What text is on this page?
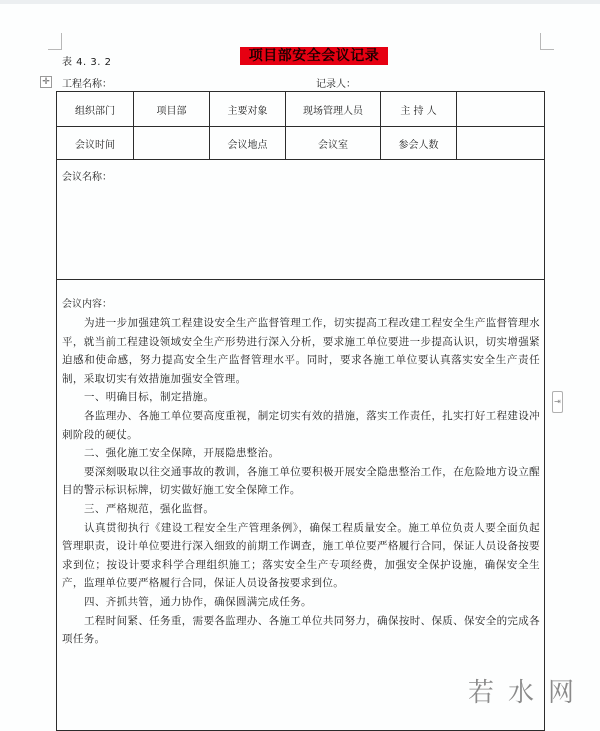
表 4. 3. 2	项目部安全会议记录
✛ 工程名称：	记录人：
组织部门	项目部	主要对象	现场管理人员	主 持 人
会议时间	会议地点	会议室	参会人数
会议名称：
会议内容：
为进一步加强建筑工程建设安全生产监督管理工作，切实提高工程改建工程安全生产监督管理水平，就当前工程建设领域安全生产形势进行深入分析，要求施工单位要进一步提高认识，切实增强紧迫感和使命感，努力提高安全生产监督管理水平。同时，要求各施工单位要认真落实安全生产责任制，采取切实有效措施加强安全管理。
一、明确目标，制定措施。
各监理办、各施工单位要高度重视，制定切实有效的措施，落实工作责任，扎实打好工程建设冲刺阶段的硬仗。
二、强化施工安全保障，开展隐患整治。
要深刻吸取以往交通事故的教训，各施工单位要积极开展安全隐患整治工作，在危险地方设立醒目的警示标识标牌，切实做好施工安全保障工作。
三、严格规范，强化监督。
认真贯彻执行《建设工程安全生产管理条例》，确保工程质量安全。施工单位负责人要全面负起管理职责，设计单位要进行深入细致的前期工作调查，施工单位要严格履行合同，保证人员设备按要求到位；按设计要求科学合理组织施工；落实安全生产专项经费，加强安全保护设施，确保安全生产，监理单位要严格履行合同，保证人员设备按要求到位。
四、齐抓共管，通力协作，确保圆满完成任务。
工程时间紧、任务重，需要各监理办、各施工单位共同努力，确保按时、保质、保安全的完成各项任务。
⇥
若水网
